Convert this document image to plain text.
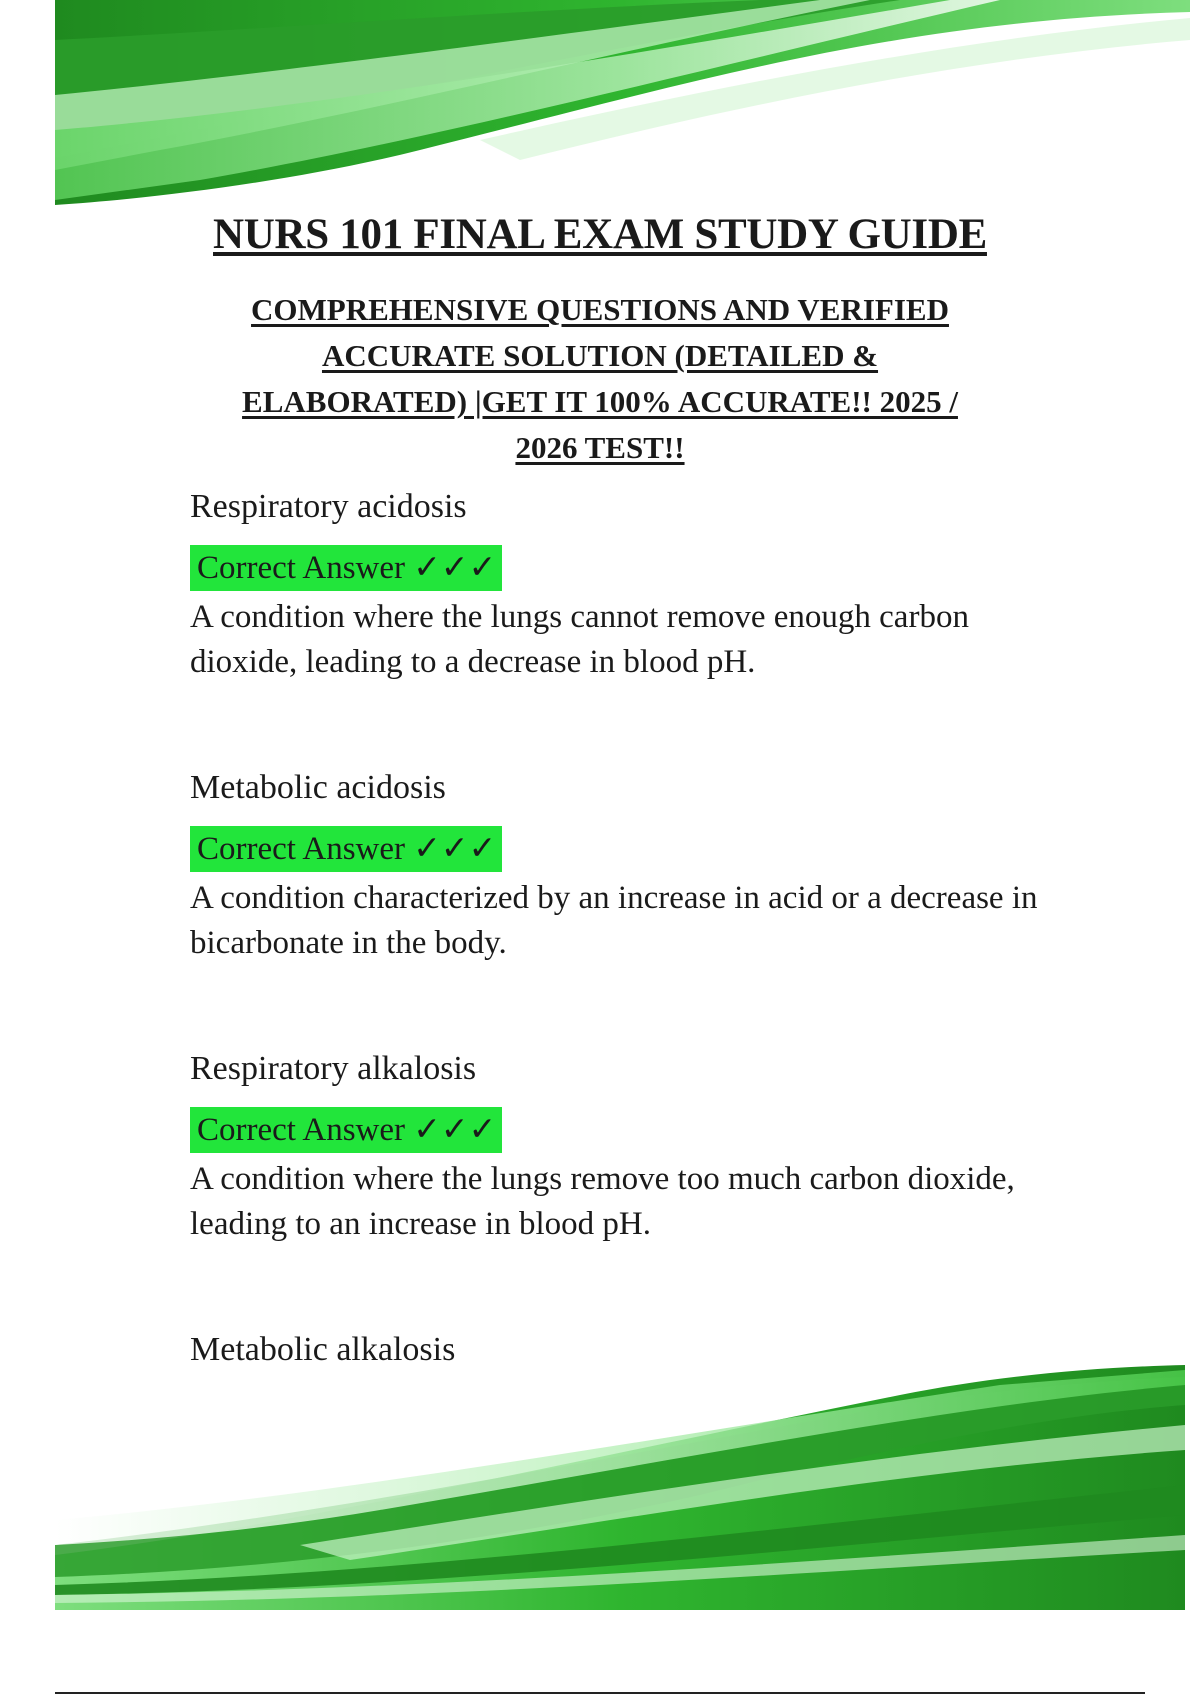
NURS 101 FINAL EXAM STUDY GUIDE
COMPREHENSIVE QUESTIONS AND VERIFIED
ACCURATE SOLUTION (DETAILED &
ELABORATED) |GET IT 100% ACCURATE!! 2025 /
2026 TEST!!

Respiratory acidosis

Correct Answer ✓✓✓

A condition where the lungs cannot remove enough carbon dioxide, leading to a decrease in blood pH.

Metabolic acidosis

Correct Answer ✓✓✓

A condition characterized by an increase in acid or a decrease in bicarbonate in the body.

Respiratory alkalosis

Correct Answer ✓✓✓

A condition where the lungs remove too much carbon dioxide, leading to an increase in blood pH.

Metabolic alkalosis
